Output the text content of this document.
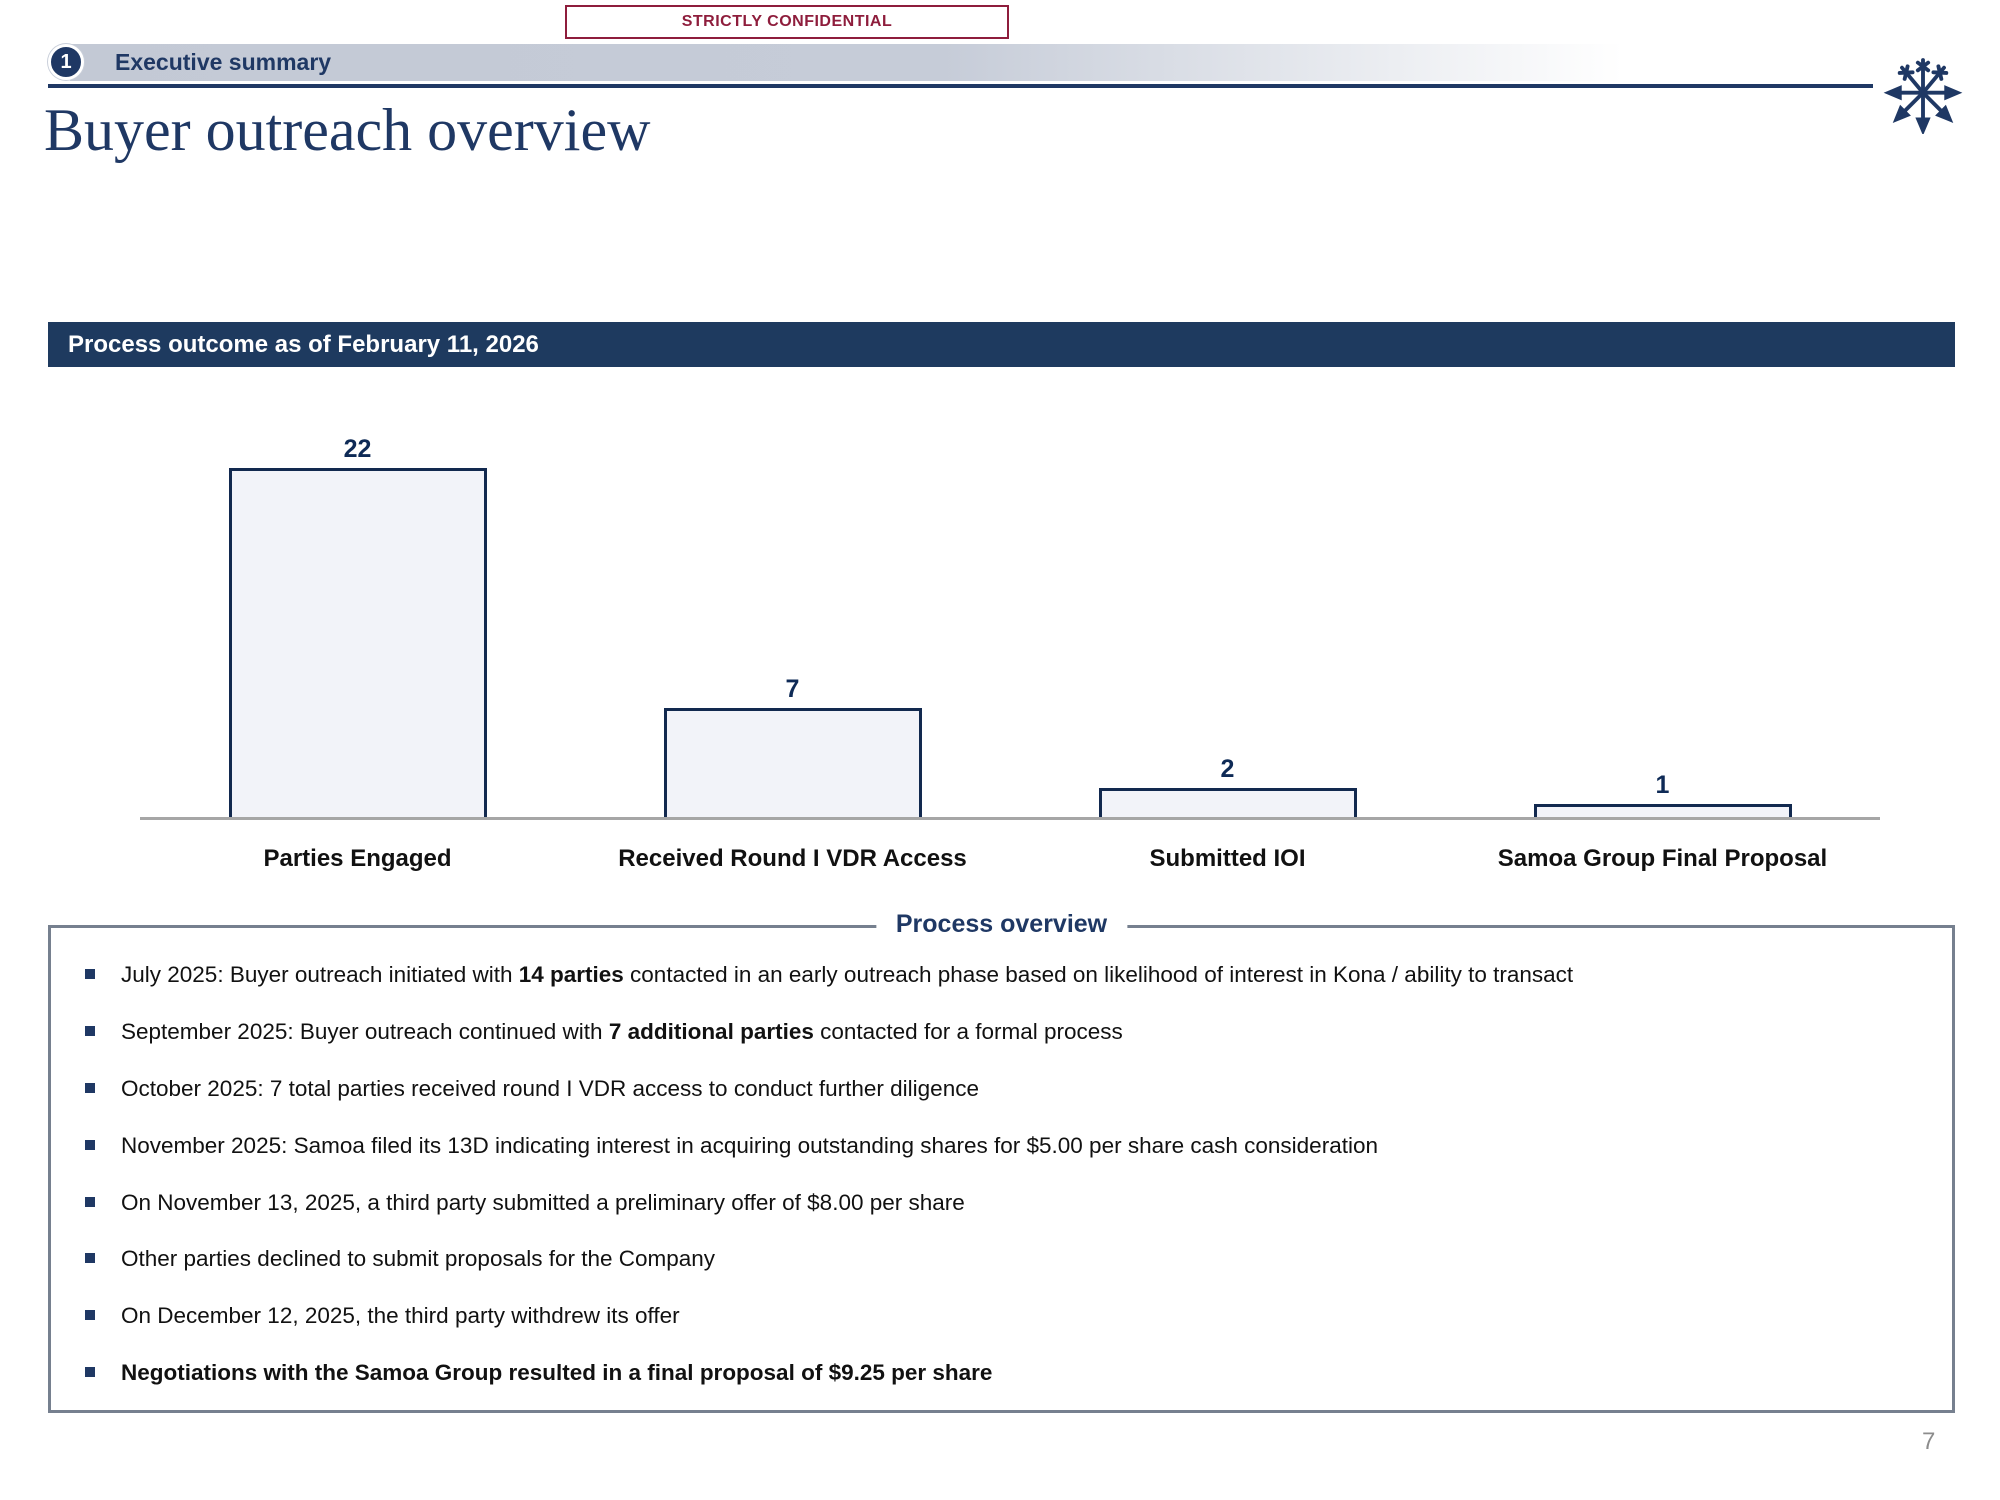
STRICTLY CONFIDENTIAL
1 Executive summary
Buyer outreach overview
Process outcome as of February 11, 2026
22
7
2
1
Parties Engaged	Received Round I VDR Access	Submitted IOI	Samoa Group Final Proposal
Process overview
July 2025: Buyer outreach initiated with 14 parties contacted in an early outreach phase based on likelihood of interest in Kona / ability to transact
September 2025: Buyer outreach continued with 7 additional parties contacted for a formal process
October 2025: 7 total parties received round I VDR access to conduct further diligence
November 2025: Samoa filed its 13D indicating interest in acquiring outstanding shares for $5.00 per share cash consideration
On November 13, 2025, a third party submitted a preliminary offer of $8.00 per share
Other parties declined to submit proposals for the Company
On December 12, 2025, the third party withdrew its offer
Negotiations with the Samoa Group resulted in a final proposal of $9.25 per share
7
